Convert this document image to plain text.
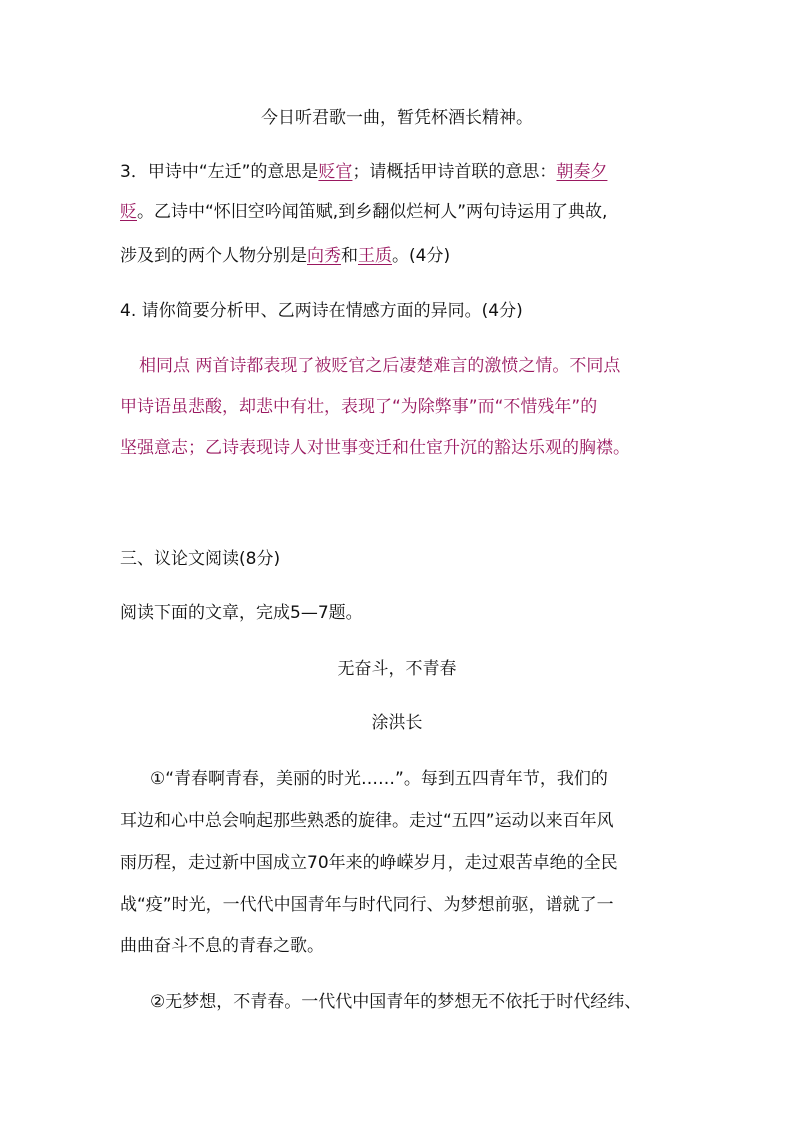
今日听君歌一曲，暂凭杯酒长精神。
3．甲诗中“左迁”的意思是贬官；请概括甲诗首联的意思：朝奏夕
贬。乙诗中“怀旧空吟闻笛赋,到乡翻似烂柯人”两句诗运用了典故,
涉及到的两个人物分别是向秀和王质。(4分)
4. 请你简要分析甲、乙两诗在情感方面的异同。(4分)
相同点 两首诗都表现了被贬官之后凄楚难言的激愤之情。不同点
甲诗语虽悲酸，却悲中有壮，表现了“为除弊事”而“不惜残年”的
坚强意志；乙诗表现诗人对世事变迁和仕宦升沉的豁达乐观的胸襟。
三、议论文阅读(8分)
阅读下面的文章，完成5—7题。
无奋斗，不青春
涂洪长
①“青春啊青春，美丽的时光……”。每到五四青年节，我们的
耳边和心中总会响起那些熟悉的旋律。走过“五四”运动以来百年风
雨历程，走过新中国成立70年来的峥嵘岁月，走过艰苦卓绝的全民
战“疫”时光，一代代中国青年与时代同行、为梦想前驱，谱就了一
曲曲奋斗不息的青春之歌。
②无梦想，不青春。一代代中国青年的梦想无不依托于时代经纬、
